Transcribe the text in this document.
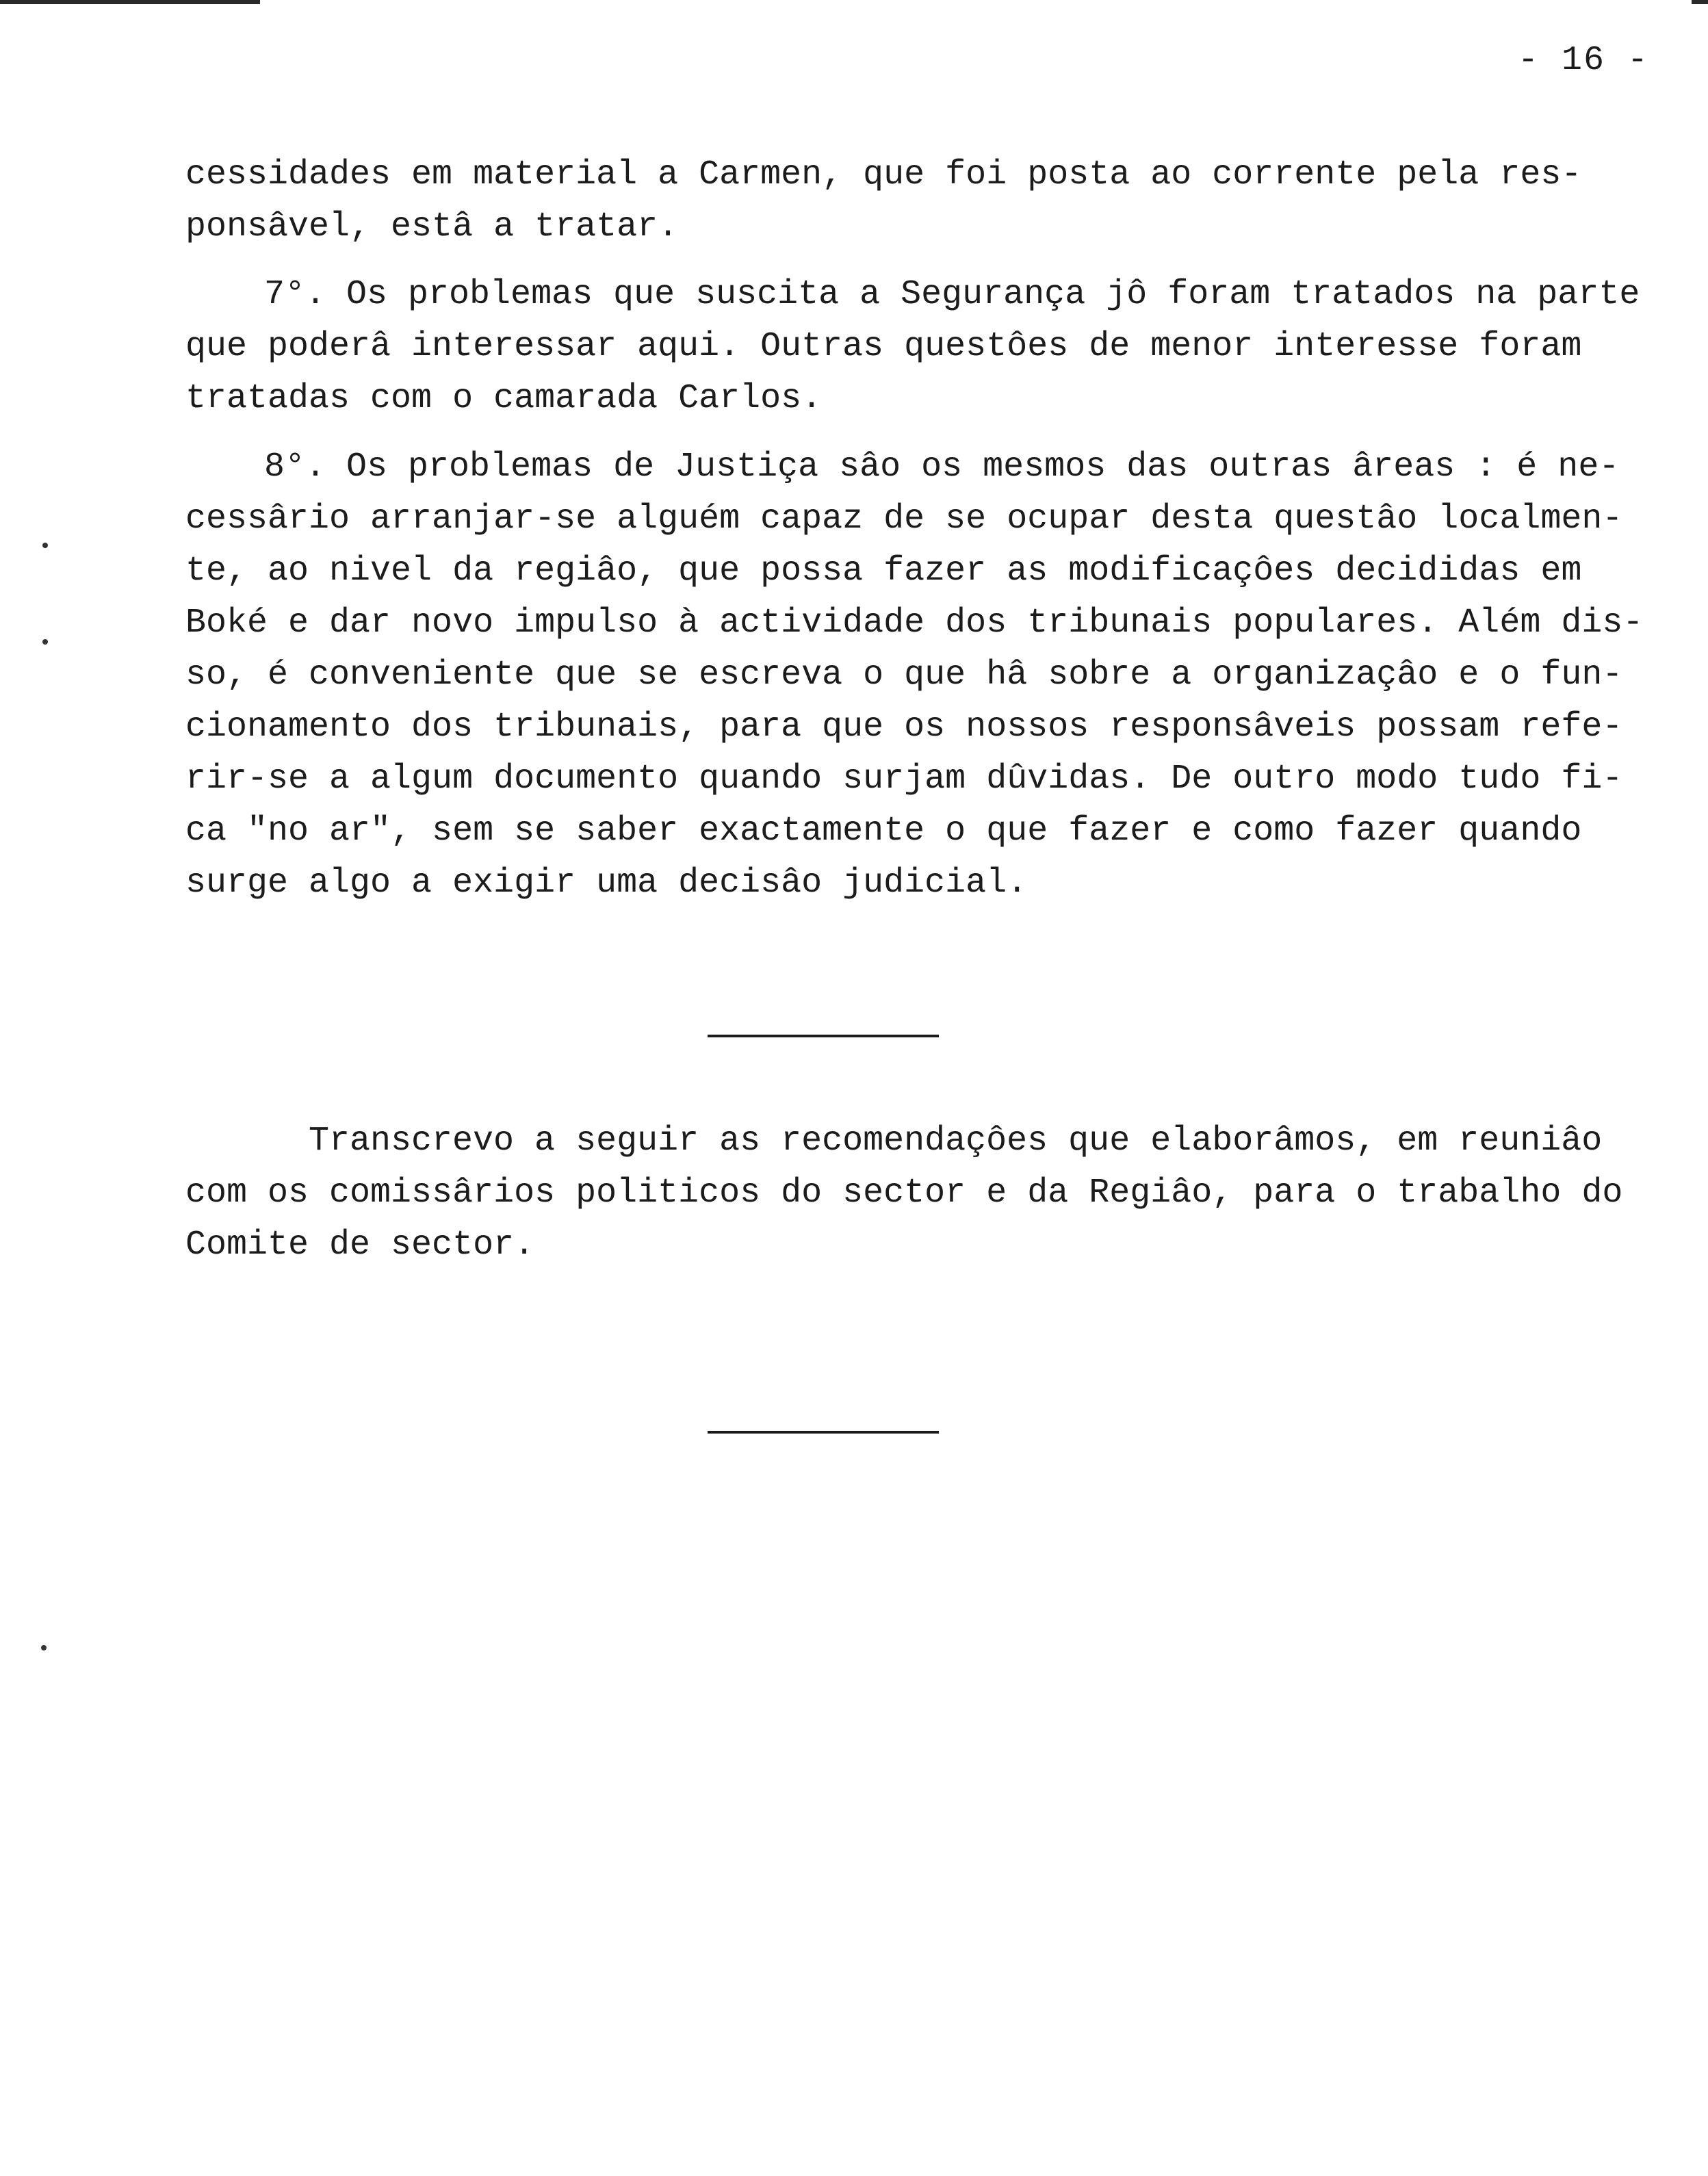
- 16 -
cessidades em material a Carmen, que foi posta ao corrente pela res-
ponsâvel, estâ a tratar.
7°. Os problemas que suscita a Segurança jô foram tratados na parte
que poderâ interessar aqui. Outras questôes de menor interesse foram
tratadas com o camarada Carlos.
8°. Os problemas de Justiça sâo os mesmos das outras âreas : é ne-
cessârio arranjar-se alguém capaz de se ocupar desta questâo localmen-
te, ao nivel da regiâo, que possa fazer as modificaçôes decididas em
Boké e dar novo impulso à actividade dos tribunais populares. Além dis-
so, é conveniente que se escreva o que hâ sobre a organizaçâo e o fun-
cionamento dos tribunais, para que os nossos responsâveis possam refe-
rir-se a algum documento quando surjam dûvidas. De outro modo tudo fi-
ca "no ar", sem se saber exactamente o que fazer e como fazer quando
surge algo a exigir uma decisâo judicial.
Transcrevo a seguir as recomendaçôes que elaborâmos, em reuniâo
com os comissârios politicos do sector e da Regiâo, para o trabalho do
Comite de sector.
